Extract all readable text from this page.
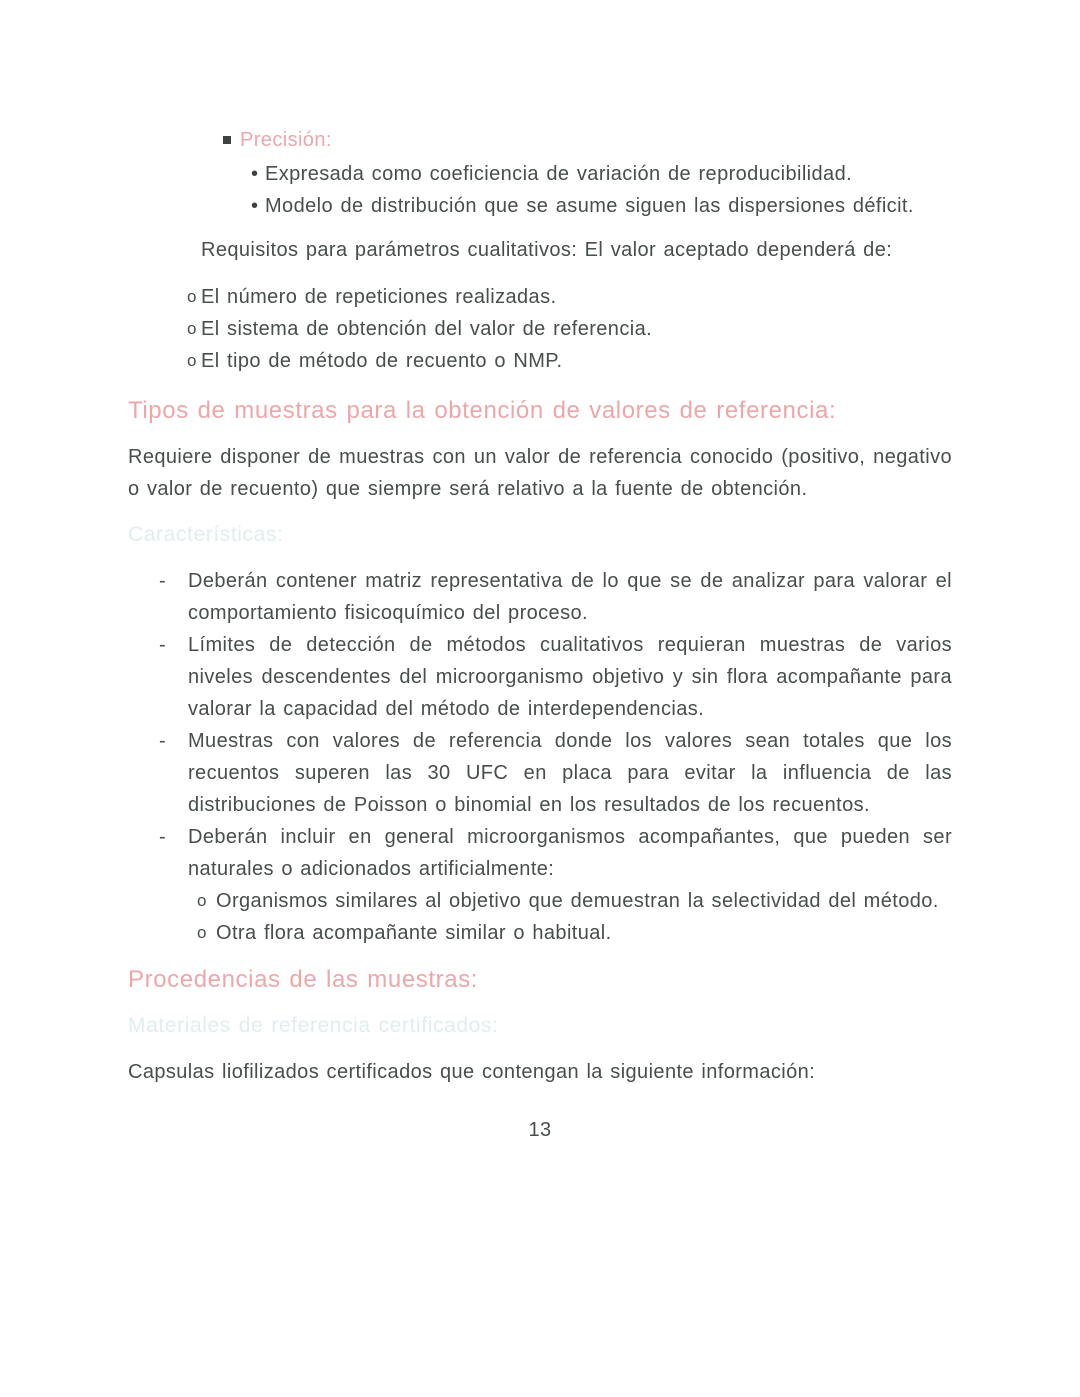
Precisión:
• Expresada como coeficiencia de variación de reproducibilidad.
• Modelo de distribución que se asume siguen las dispersiones déficit.

Requisitos para parámetros cualitativos: El valor aceptado dependerá de:

o El número de repeticiones realizadas.
o El sistema de obtención del valor de referencia.
o El tipo de método de recuento o NMP.
Tipos de muestras para la obtención de valores de referencia:

Requiere disponer de muestras con un valor de referencia conocido (positivo, negativo o valor de recuento) que siempre será relativo a la fuente de obtención.

Características:
- Deberán contener matriz representativa de lo que se de analizar para valorar el comportamiento fisicoquímico del proceso.
- Límites de detección de métodos cualitativos requieran muestras de varios niveles descendentes del microorganismo objetivo y sin flora acompañante para valorar la capacidad del método de interdependencias.
- Muestras con valores de referencia donde los valores sean totales que los recuentos superen las 30 UFC en placa para evitar la influencia de las distribuciones de Poisson o binomial en los resultados de los recuentos.
- Deberán incluir en general microorganismos acompañantes, que pueden ser naturales o adicionados artificialmente:
o Organismos similares al objetivo que demuestran la selectividad del método.
o Otra flora acompañante similar o habitual.
Procedencias de las muestras:
Materiales de referencia certificados:

Capsulas liofilizados certificados que contengan la siguiente información:

13
